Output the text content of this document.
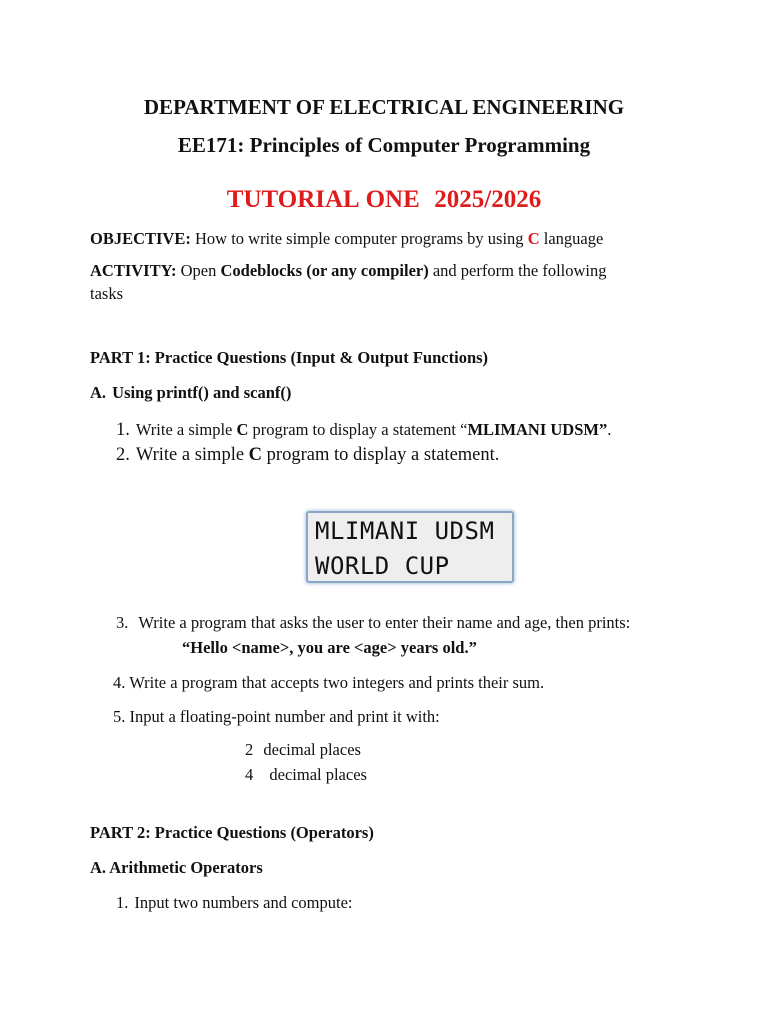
DEPARTMENT OF ELECTRICAL ENGINEERING
EE171: Principles of Computer Programming
TUTORIAL ONE  2025/2026
OBJECTIVE: How to write simple computer programs by using C language
ACTIVITY: Open Codeblocks (or any compiler) and perform the following
tasks
PART 1: Practice Questions (Input & Output Functions)
A. Using printf() and scanf()
1. Write a simple C program to display a statement “MLIMANI UDSM”.
2. Write a simple C program to display a statement.
MLIMANI UDSM
WORLD CUP
3. Write a program that asks the user to enter their name and age, then prints:
“Hello <name>, you are <age> years old.”
4. Write a program that accepts two integers and prints their sum.
5. Input a floating-point number and print it with:
2 decimal places
4 decimal places
PART 2: Practice Questions (Operators)
A. Arithmetic Operators
1. Input two numbers and compute:
